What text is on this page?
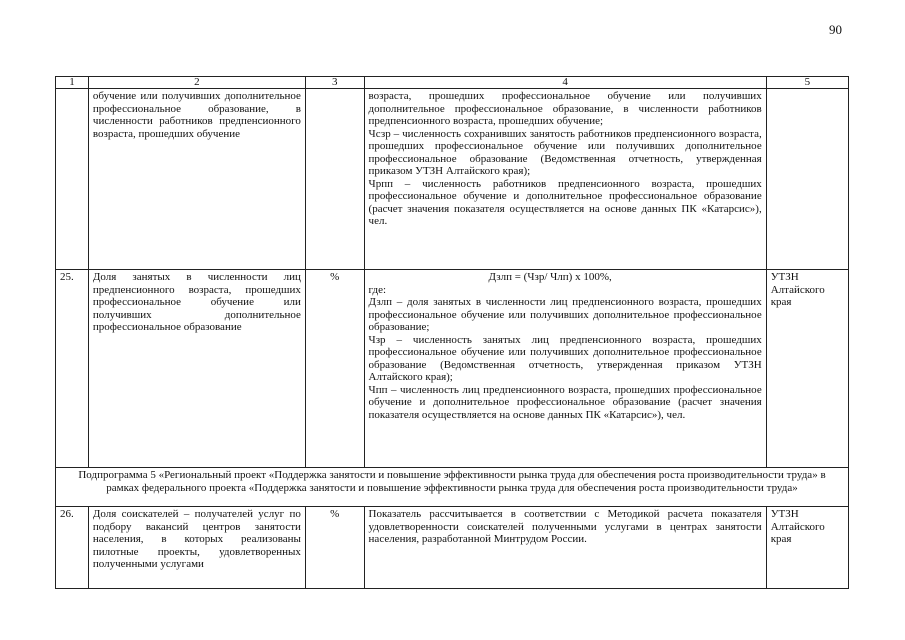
90
1	2	3	4	5
	обучение или получивших дополнительное профессиональное образование, в численности работников предпенсионного возраста, прошедших обучение		возраста, прошедших профессиональное обучение или получивших дополнительное профессиональное образование, в численности работников предпенсионного возраста, прошедших обучение;
Чсзр – численность сохранивших занятость работников предпенсионного возраста, прошедших профессиональное обучение или получивших дополнительное профессиональное образование (Ведомственная отчетность, утвержденная приказом УТЗН Алтайского края);
Чрпп – численность работников предпенсионного возраста, прошедших профессиональное обучение и дополнительное профессиональное образование (расчет значения показателя осуществляется на основе данных ПК «Катарсис»), чел.	

25.	Доля занятых в численности лиц предпенсионного возраста, прошедших профессиональное обучение или получивших дополнительное профессиональное образование	%	Дзлп = (Чзр/ Члп) х 100%,
где:
Дзлп – доля занятых в численности лиц предпенсионного возраста, прошедших профессиональное обучение или получивших дополнительное профессиональное образование;
Чзр – численность занятых лиц предпенсионного возраста, прошедших профессиональное обучение или получивших дополнительное профессиональное образование (Ведомственная отчетность, утвержденная приказом УТЗН Алтайского края);
Чпп – численность лиц предпенсионного возраста, прошедших профессиональное обучение и дополнительное профессиональное образование (расчет значения показателя осуществляется на основе данных ПК «Катарсис»), чел.	УТЗН Алтайского края
Подпрограмма 5 «Региональный проект «Поддержка занятости и повышение эффективности рынка труда для обеспечения роста производительности труда» в рамках федерального проекта «Поддержка занятости и повышение эффективности рынка труда для обеспечения роста производительности труда»				
26.	Доля соискателей – получателей услуг по подбору вакансий центров занятости населения, в которых реализованы пилотные проекты, удовлетворенных полученными услугами	%	Показатель рассчитывается в соответствии с Методикой расчета показателя удовлетворенности соискателей полученными услугами в центрах занятости населения, разработанной Минтрудом России.	УТЗН Алтайского края
